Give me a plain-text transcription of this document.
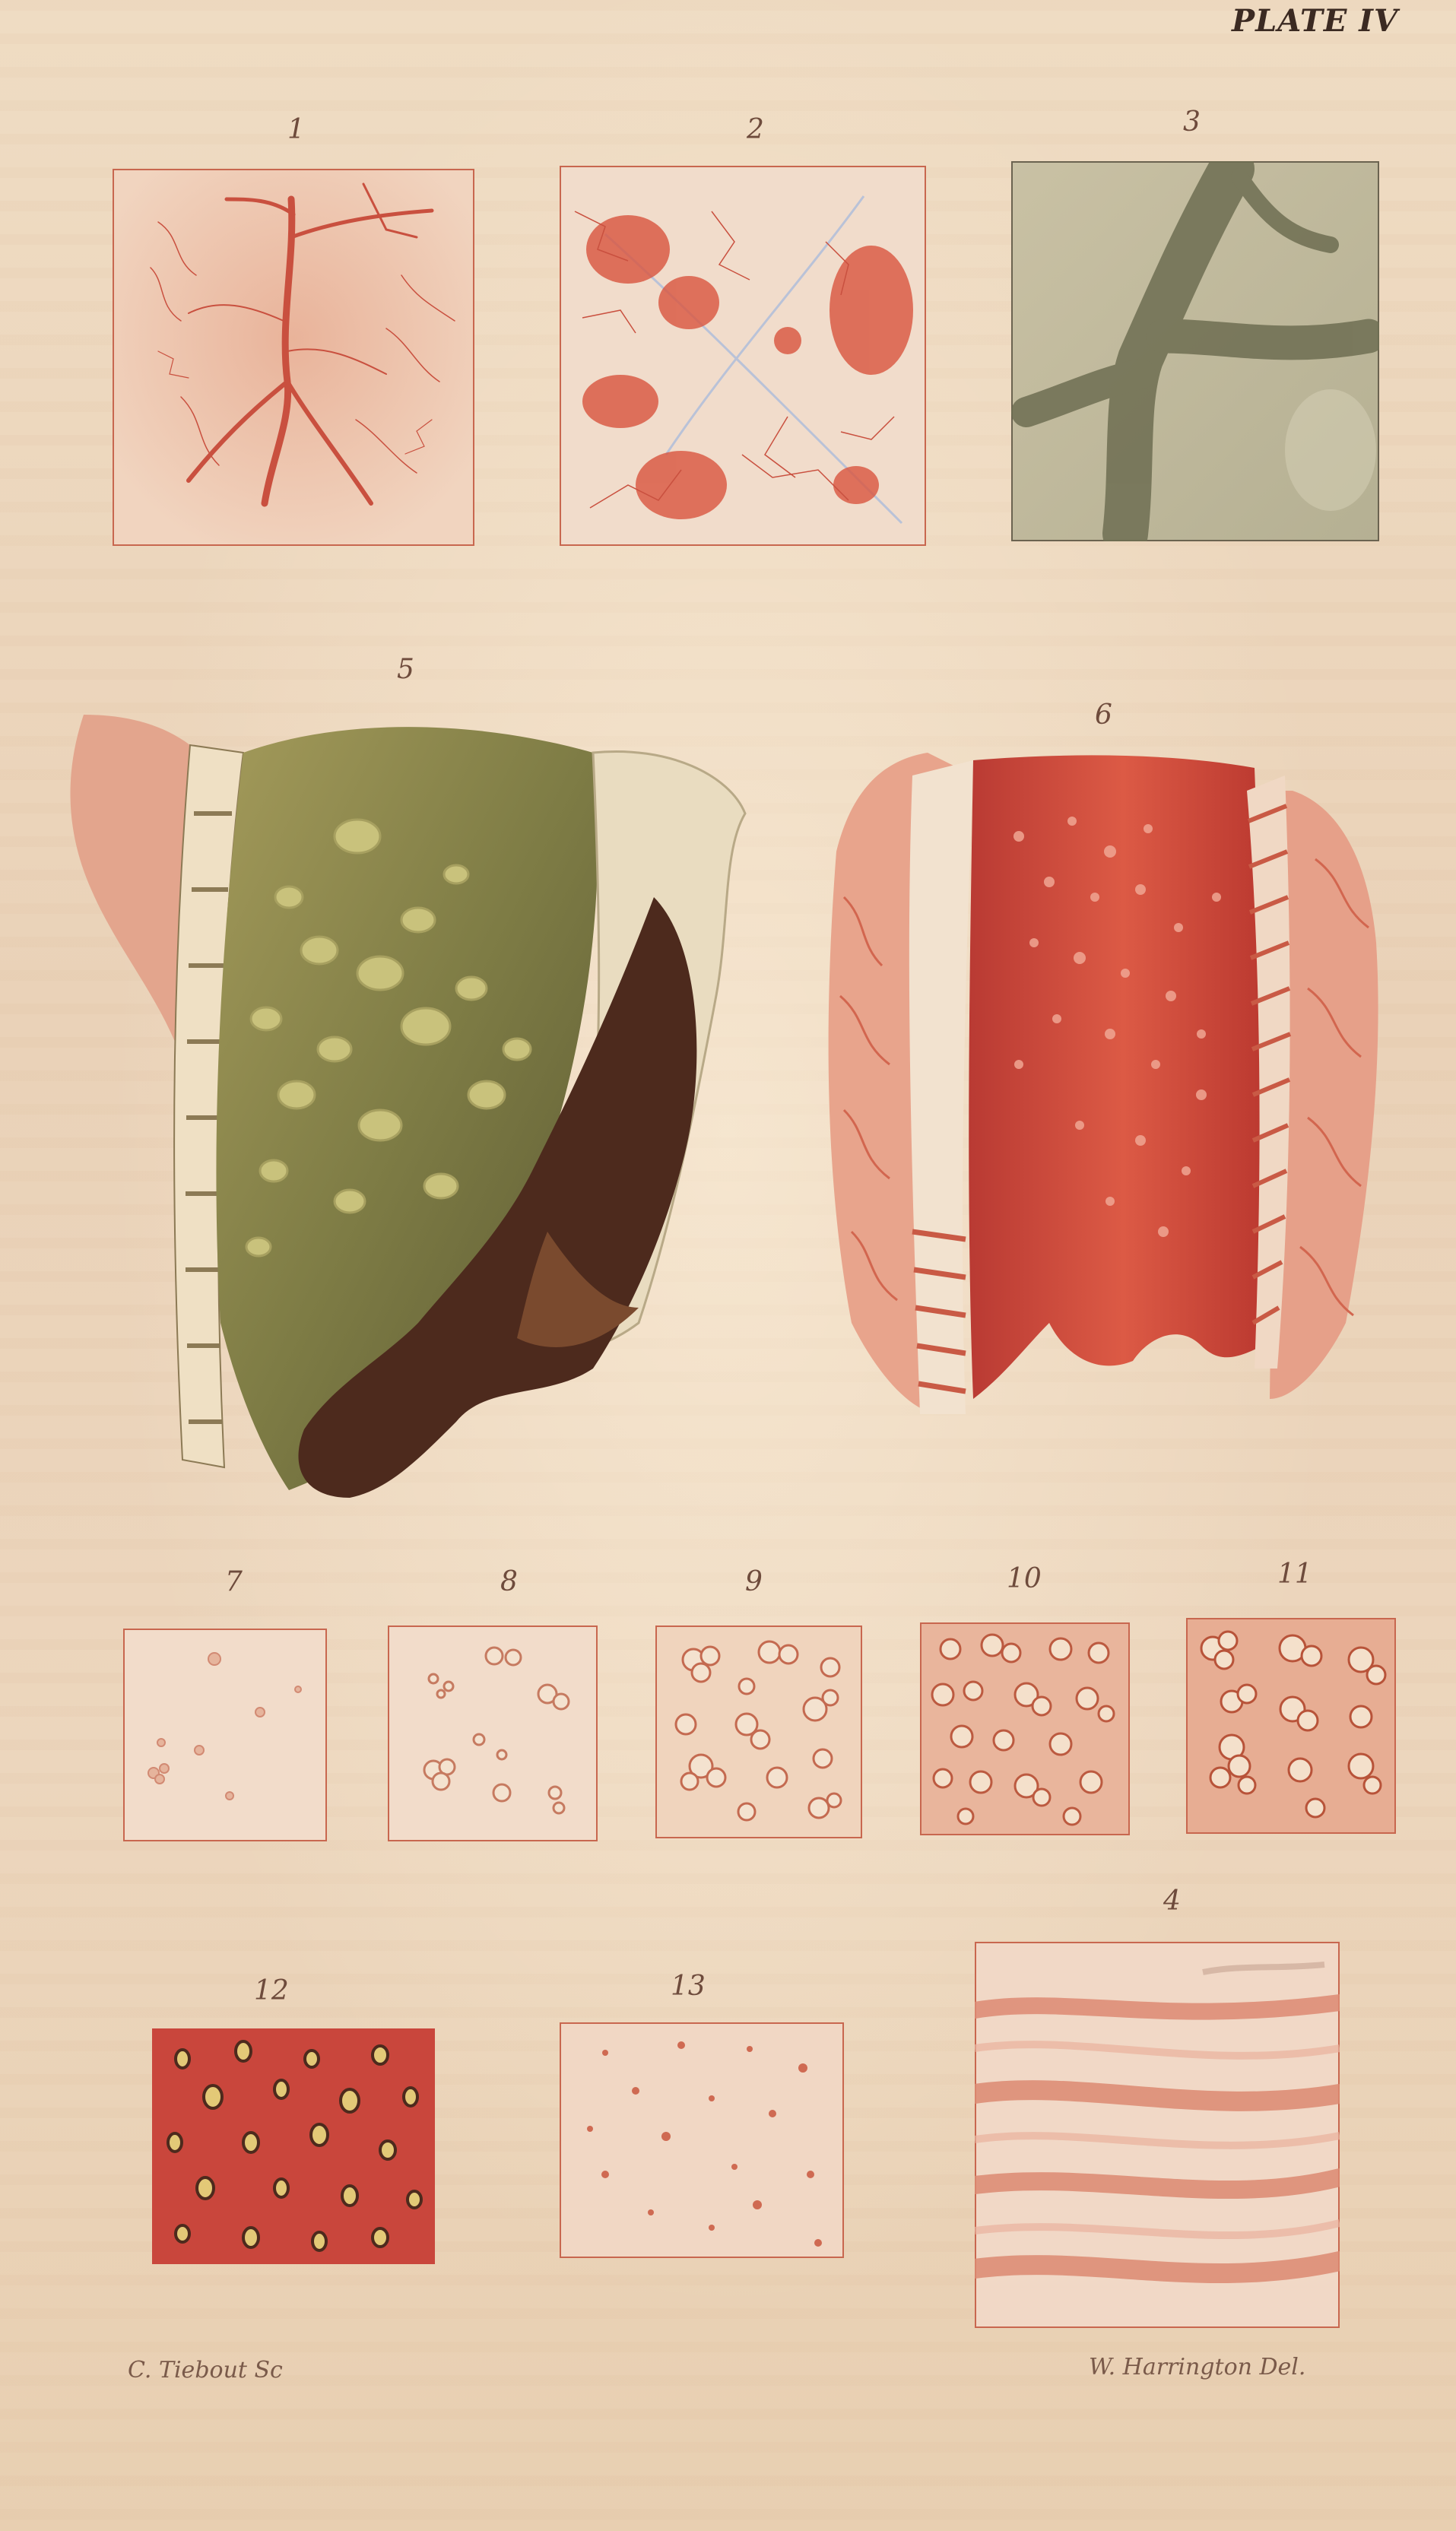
PLATE IV
1	2	3
5
6
7	8	9	10	11
4
12	13
C. Tiebout Sc	W. Harrington Del.
